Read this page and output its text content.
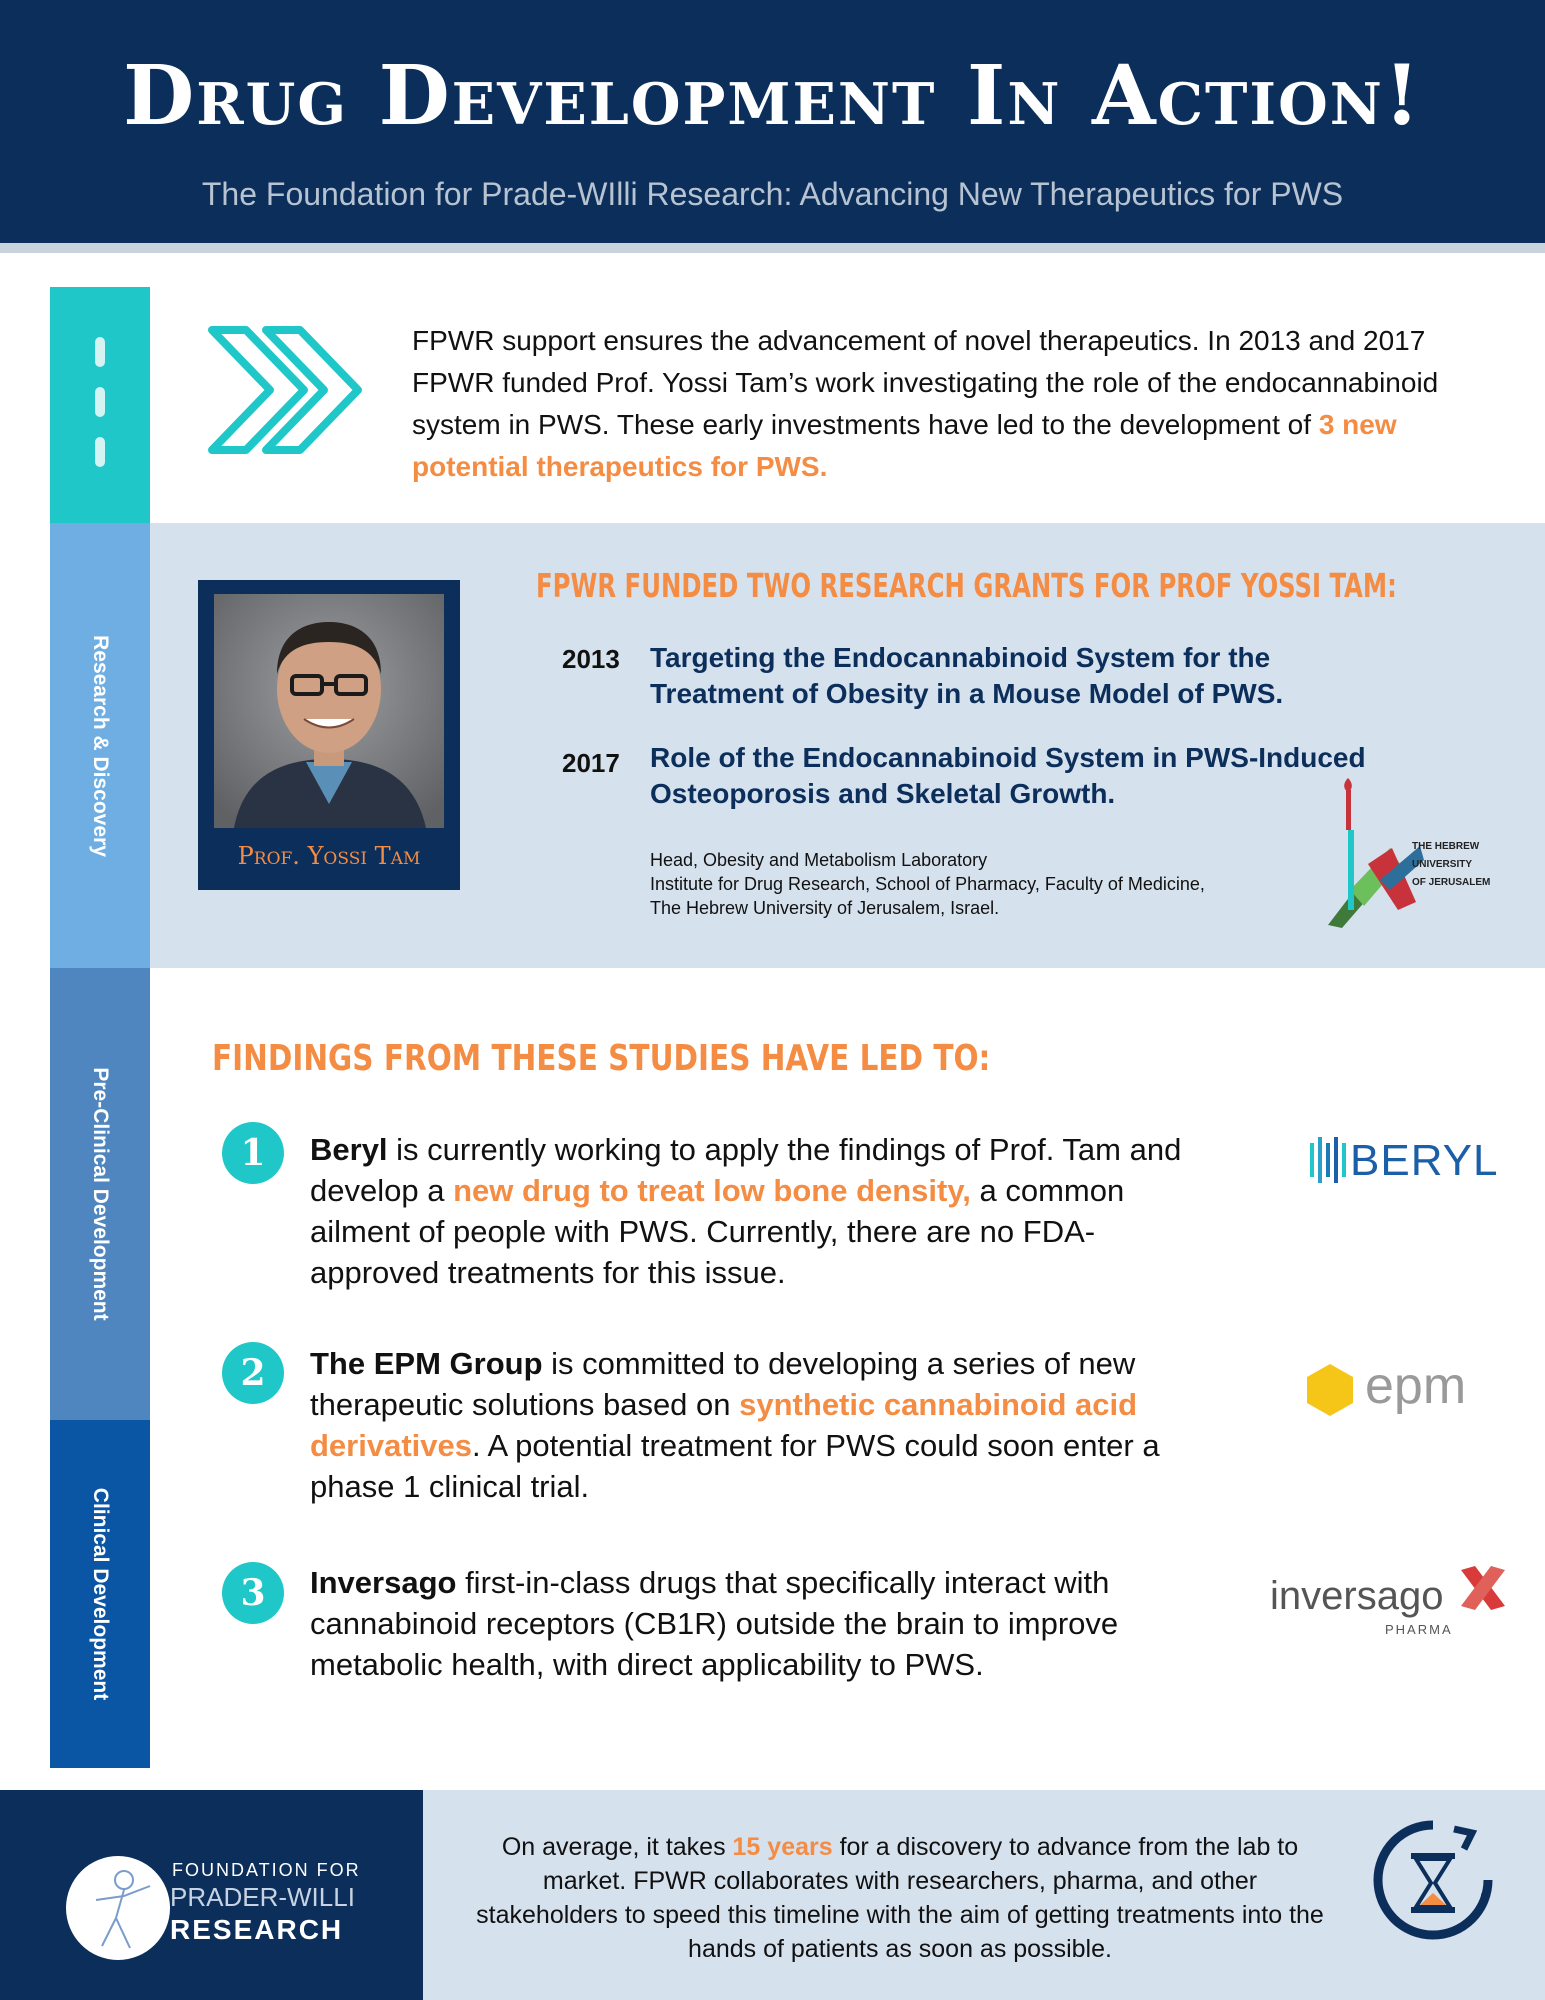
Drug Development In Action!
The Foundation for Prade-WIlli Research: Advancing New Therapeutics for PWS
Research & Discovery
Pre-Clinical Development
Clinical Development
FPWR support ensures the advancement of novel therapeutics. In 2013 and 2017 FPWR funded Prof. Yossi Tam’s work investigating the role of the endocannabinoid system in PWS. These early investments have led to the development of 3 new potential therapeutics for PWS.
Prof. Yossi Tam
FPWR FUNDED TWO RESEARCH GRANTS FOR PROF YOSSI TAM:
2013 Targeting the Endocannabinoid System for the Treatment of Obesity in a Mouse Model of PWS.
2017 Role of the Endocannabinoid System in PWS-Induced Osteoporosis and Skeletal Growth.
Head, Obesity and Metabolism Laboratory
Institute for Drug Research, School of Pharmacy, Faculty of Medicine,
The Hebrew University of Jerusalem, Israel.
THE HEBREW
UNIVERSITY
OF JERUSALEM
FINDINGS FROM THESE STUDIES HAVE LED TO:
1	Beryl is currently working to apply the findings of Prof. Tam and develop a new drug to treat low bone density, a common ailment of people with PWS. Currently, there are no FDA-approved treatments for this issue.
2	The EPM Group is committed to developing a series of new therapeutic solutions based on synthetic cannabinoid acid derivatives. A potential treatment for PWS could soon enter a phase 1 clinical trial.
3	Inversago first-in-class drugs that specifically interact with cannabinoid receptors (CB1R) outside the brain to improve metabolic health, with direct applicability to PWS.
BERYL
epm
inversago
PHARMA
FOUNDATION FOR
PRADER-WILLI
RESEARCH
On average, it takes 15 years for a discovery to advance from the lab to market. FPWR collaborates with researchers, pharma, and other stakeholders to speed this timeline with the aim of getting treatments into the hands of patients as soon as possible.
